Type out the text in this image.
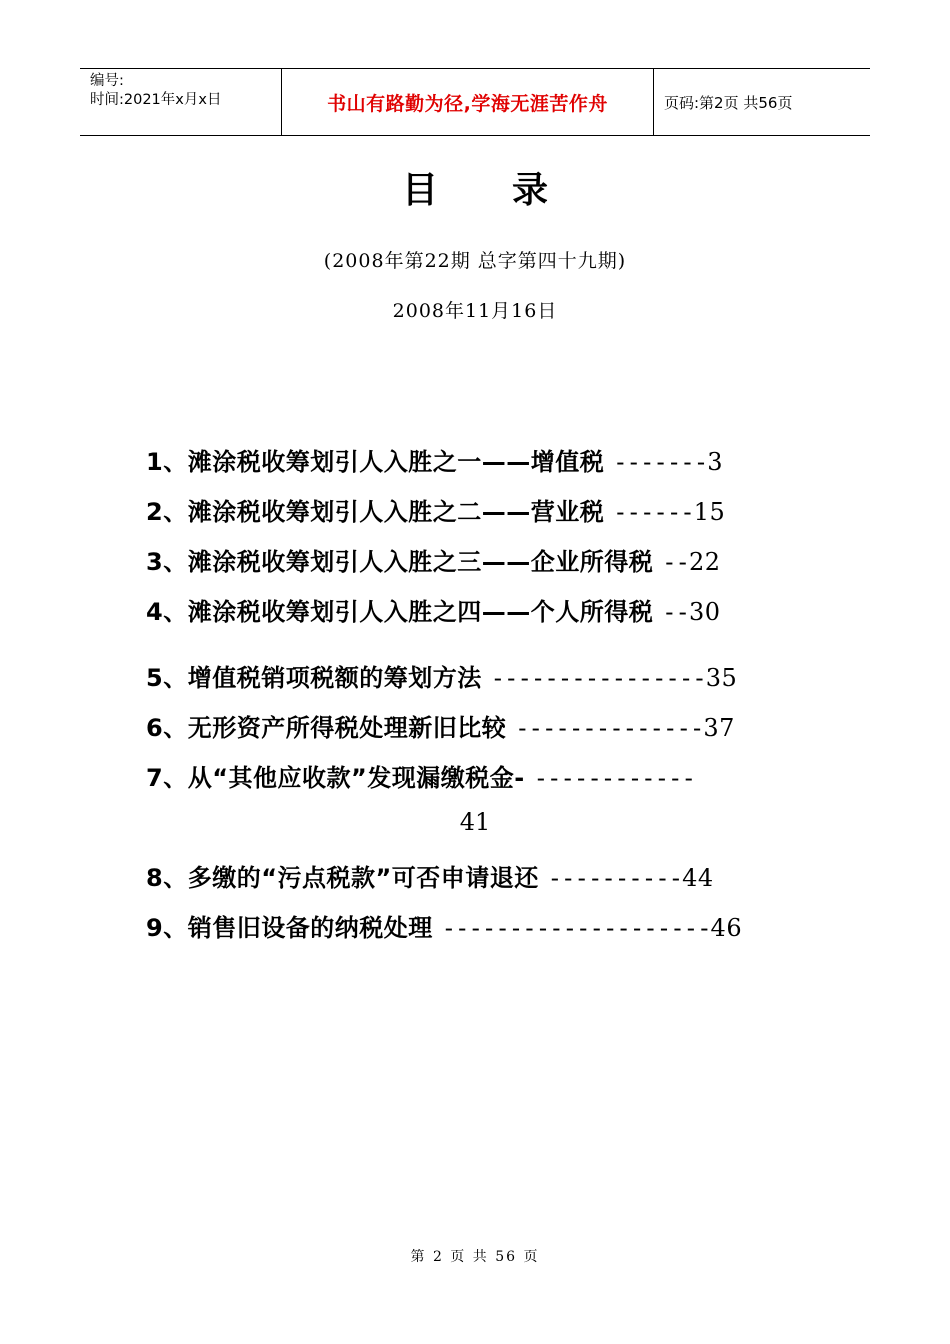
编号:
时间:2021年x月x日	书山有路勤为径,学海无涯苦作舟	页码:第2页 共56页
目 录
(2008年第22期 总字第四十九期)
2008年11月16日
1、滩涂税收筹划引人入胜之一——增值税 -------3
2、滩涂税收筹划引人入胜之二——营业税 ------15
3、滩涂税收筹划引人入胜之三——企业所得税 --22
4、滩涂税收筹划引人入胜之四——个人所得税 --30
5、增值税销项税额的筹划方法 ----------------35
6、无形资产所得税处理新旧比较 --------------37
7、从“其他应收款”发现漏缴税金- ------------
8、多缴的“污点税款”可否申请退还 ----------44
9、销售旧设备的纳税处理 --------------------46
41
第 2 页 共 56 页
